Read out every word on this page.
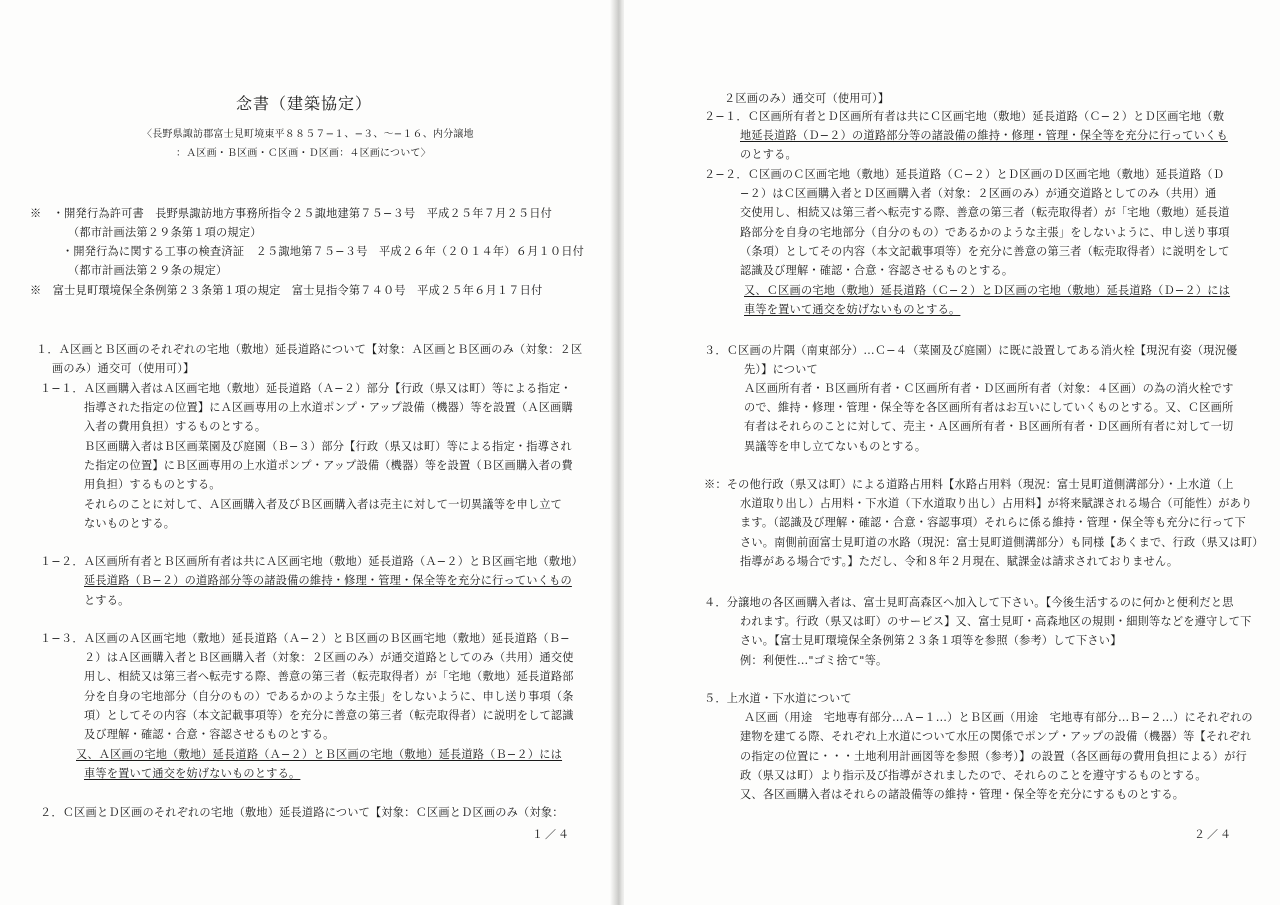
念書（建築協定）
〈長野県諏訪郡富士見町境東平８８５７−１、−３、〜−１６、内分譲地
：Ａ区画・Ｂ区画・Ｃ区画・Ｄ区画：４区画について〉
※　・開発行為許可書　長野県諏訪地方事務所指令２５諏地建第７５−３号　平成２５年７月２５日付
（都市計画法第２９条第１項の規定）
・開発行為に関する工事の検査済証　２５諏地第７５−３号　平成２６年（２０１４年）６月１０日付
（都市計画法第２９条の規定）
※　富士見町環境保全条例第２３条第１項の規定　富士見指令第７４０号　平成２５年６月１７日付
１．Ａ区画とＢ区画のそれぞれの宅地（敷地）延長道路について【対象：Ａ区画とＢ区画のみ（対象：２区
画のみ）通交可（使用可）】
１−１．Ａ区画購入者はＡ区画宅地（敷地）延長道路（Ａ−２）部分【行政（県又は町）等による指定・
指導された指定の位置】にＡ区画専用の上水道ポンプ・アップ設備（機器）等を設置（Ａ区画購
入者の費用負担）するものとする。
Ｂ区画購入者はＢ区画菜園及び庭園（Ｂ−３）部分【行政（県又は町）等による指定・指導され
た指定の位置】にＢ区画専用の上水道ポンプ・アップ設備（機器）等を設置（Ｂ区画購入者の費
用負担）するものとする。
それらのことに対して、Ａ区画購入者及びＢ区画購入者は売主に対して一切異議等を申し立て
ないものとする。
１−２．Ａ区画所有者とＢ区画所有者は共にＡ区画宅地（敷地）延長道路（Ａ−２）とＢ区画宅地（敷地）
延長道路（Ｂ−２）の道路部分等の諸設備の維持・修理・管理・保全等を充分に行っていくもの
とする。
１−３．Ａ区画のＡ区画宅地（敷地）延長道路（Ａ−２）とＢ区画のＢ区画宅地（敷地）延長道路（Ｂ−
２）はＡ区画購入者とＢ区画購入者（対象：２区画のみ）が通交道路としてのみ（共用）通交使
用し、相続又は第三者へ転売する際、善意の第三者（転売取得者）が「宅地（敷地）延長道路部
分を自身の宅地部分（自分のもの）であるかのような主張」をしないように、申し送り事項（条
項）としてその内容（本文記載事項等）を充分に善意の第三者（転売取得者）に説明をして認識
及び理解・確認・合意・容認させるものとする。
又、Ａ区画の宅地（敷地）延長道路（Ａ−２）とＢ区画の宅地（敷地）延長道路（Ｂ−２）には
車等を置いて通交を妨げないものとする。
２．Ｃ区画とＤ区画のそれぞれの宅地（敷地）延長道路について【対象：Ｃ区画とＤ区画のみ（対象：
１／４
２区画のみ）通交可（使用可）】
２−１．Ｃ区画所有者とＤ区画所有者は共にＣ区画宅地（敷地）延長道路（Ｃ−２）とＤ区画宅地（敷
地延長道路（Ｄ−２）の道路部分等の諸設備の維持・修理・管理・保全等を充分に行っていくも
のとする。
２−２．Ｃ区画のＣ区画宅地（敷地）延長道路（Ｃ−２）とＤ区画のＤ区画宅地（敷地）延長道路（Ｄ
−２）はＣ区画購入者とＤ区画購入者（対象：２区画のみ）が通交道路としてのみ（共用）通
交使用し、相続又は第三者へ転売する際、善意の第三者（転売取得者）が「宅地（敷地）延長道
路部分を自身の宅地部分（自分のもの）であるかのような主張」をしないように、申し送り事項
（条項）としてその内容（本文記載事項等）を充分に善意の第三者（転売取得者）に説明をして
認識及び理解・確認・合意・容認させるものとする。
又、Ｃ区画の宅地（敷地）延長道路（Ｃ−２）とＤ区画の宅地（敷地）延長道路（Ｄ−２）には
車等を置いて通交を妨げないものとする。
３．Ｃ区画の片隅（南東部分）…Ｃ−４（菜園及び庭園）に既に設置してある消火栓【現況有姿（現況優
先）】について
Ａ区画所有者・Ｂ区画所有者・Ｃ区画所有者・Ｄ区画所有者（対象：４区画）の為の消火栓です
ので、維持・修理・管理・保全等を各区画所有者はお互いにしていくものとする。又、Ｃ区画所
有者はそれらのことに対して、売主・Ａ区画所有者・Ｂ区画所有者・Ｄ区画所有者に対して一切
異議等を申し立てないものとする。
※：その他行政（県又は町）による道路占用料【水路占用料（現況：富士見町道側溝部分）・上水道（上
水道取り出し）占用料・下水道（下水道取り出し）占用料】が将来賦課される場合（可能性）があり
ます。（認識及び理解・確認・合意・容認事項）それらに係る維持・管理・保全等も充分に行って下
さい。南側前面富士見町道の水路（現況：富士見町道側溝部分）も同様【あくまで、行政（県又は町）
指導がある場合です。】ただし、令和８年２月現在、賦課金は請求されておりません。
４．分譲地の各区画購入者は、富士見町高森区へ加入して下さい。【今後生活するのに何かと便利だと思
われます。行政（県又は町）のサービス】又、富士見町・高森地区の規則・細則等などを遵守して下
さい。【富士見町環境保全条例第２３条１項等を参照（参考）して下さい】
例：利便性…"ゴミ捨て"等。
５．上水道・下水道について
Ａ区画（用途　宅地専有部分…Ａ−１…）とＢ区画（用途　宅地専有部分…Ｂ−２…）にそれぞれの
建物を建てる際、それぞれ上水道について水圧の関係でポンプ・アップの設備（機器）等【それぞれ
の指定の位置に・・・土地利用計画図等を参照（参考）】の設置（各区画毎の費用負担による）が行
政（県又は町）より指示及び指導がされましたので、それらのことを遵守するものとする。
又、各区画購入者はそれらの諸設備等の維持・管理・保全等を充分にするものとする。
２／４
